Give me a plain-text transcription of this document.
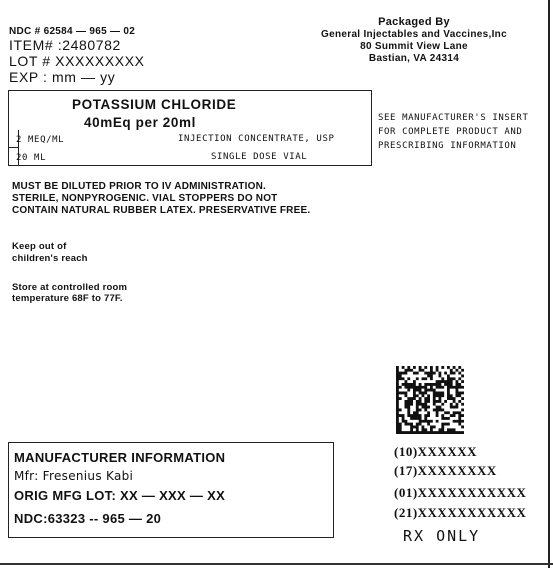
NDC # 62584 — 965 — 02
ITEM# :2480782
LOT # XXXXXXXXX
EXP : mm — yy
Packaged By
General Injectables and Vaccines,Inc
80 Summit View Lane
Bastian, VA 24314
POTASSIUM CHLORIDE
40mEq per 20ml
2 MEQ/ML	INJECTION CONCENTRATE, USP
20 ML	SINGLE DOSE VIAL
SEE MANUFACTURER'S INSERT
FOR COMPLETE PRODUCT AND
PRESCRIBING INFORMATION
MUST BE DILUTED PRIOR TO IV ADMINISTRATION.
STERILE, NONPYROGENIC. VIAL STOPPERS DO NOT
CONTAIN NATURAL RUBBER LATEX. PRESERVATIVE FREE.
Keep out of
children's reach
Store at controlled room
temperature 68F to 77F.
MANUFACTURER INFORMATION
Mfr: Fresenius Kabi
ORIG MFG LOT: XX — XXX — XX
NDC:63323 -- 965 — 20
(10)XXXXXX
(17)XXXXXXXX
(01)XXXXXXXXXXX
(21)XXXXXXXXXXX
RX ONLY
